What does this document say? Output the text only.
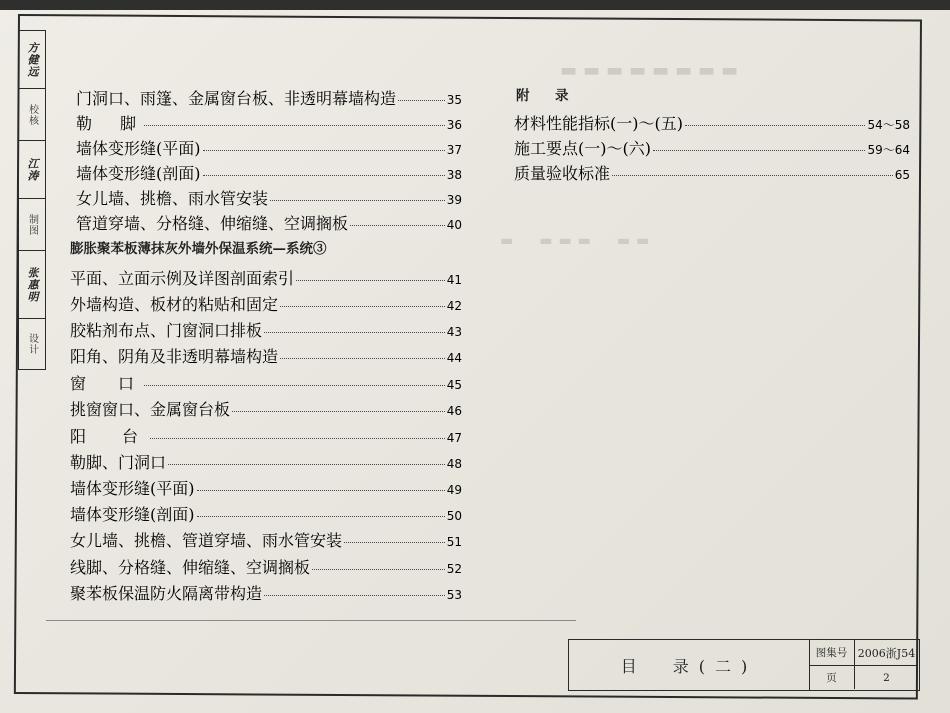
▬▬▬▬▬▬▬▬
▬　▬▬▬　▬▬
方健远
校核
江涛
制图
张惠明
设计
门洞口、雨篷、金属窗台板、非透明幕墙构造	35
勒　脚	36
墙体变形缝(平面)	37
墙体变形缝(剖面)	38
女儿墙、挑檐、雨水管安装	39
管道穿墙、分格缝、伸缩缝、空调搁板	40
膨胀聚苯板薄抹灰外墙外保温系统—系统③
平面、立面示例及详图剖面索引	41
外墙构造、板材的粘贴和固定	42
胶粘剂布点、门窗洞口排板	43
阳角、阴角及非透明幕墙构造	44
窗　口	45
挑窗窗口、金属窗台板	46
阳　台	47
勒脚、门洞口	48
墙体变形缝(平面)	49
墙体变形缝(剖面)	50
女儿墙、挑檐、管道穿墙、雨水管安装	51
线脚、分格缝、伸缩缝、空调搁板	52
聚苯板保温防火隔离带构造	53
附　录
材料性能指标(一)～(五)	54～58
施工要点(一)～(六)	59～64
质量验收标准	65
目　录(二)
图集号 2006浙J54
页	2
